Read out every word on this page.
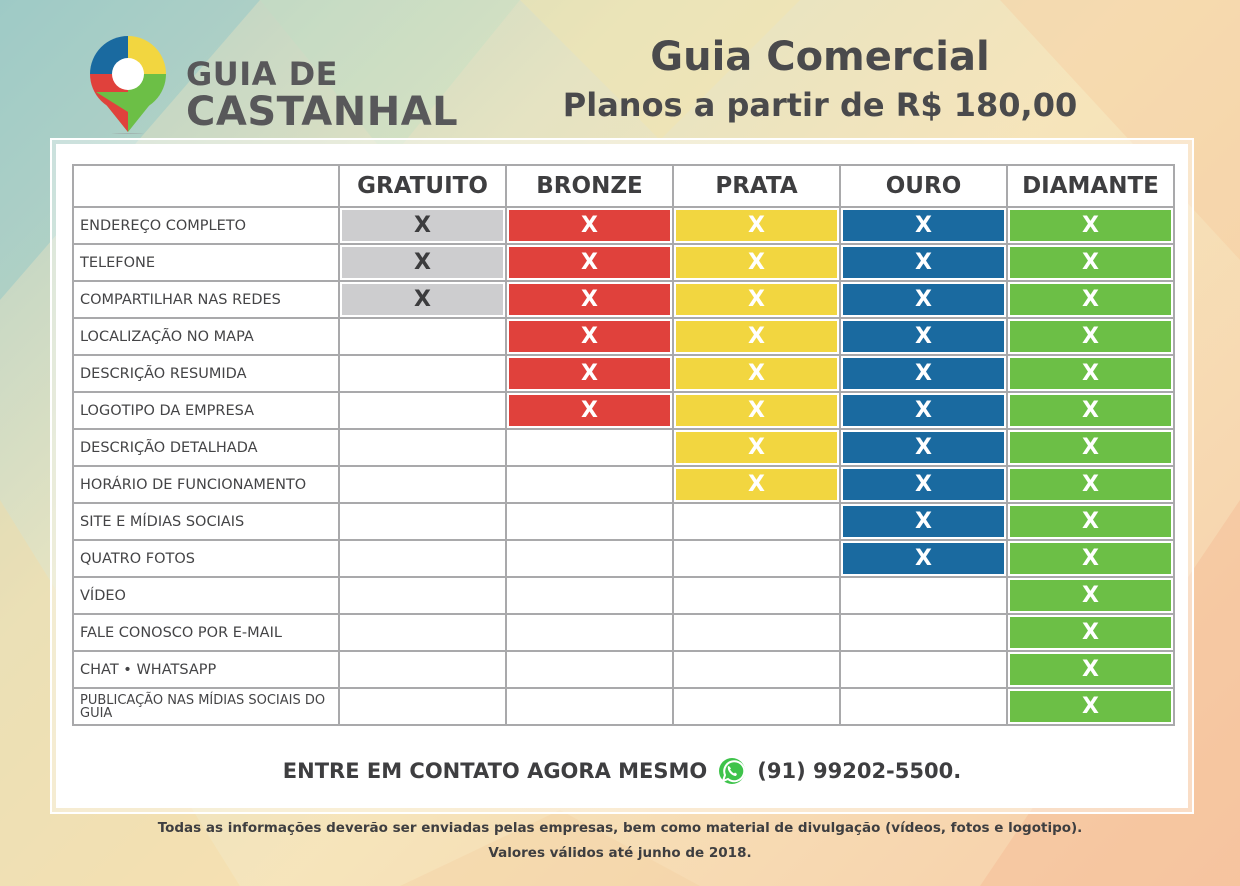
GUIA DE
CASTANHAL
Guia Comercial
Planos a partir de R$ 180,00
	GRATUITO	BRONZE	PRATA	OURO	DIAMANTE
ENDEREÇO COMPLETO	X	X	X	X	X

TELEFONE	X	X	X	X	X

COMPARTILHAR NAS REDES	X	X	X	X	X

LOCALIZAÇÃO NO MAPA		X	X	X	X

DESCRIÇÃO RESUMIDA		X	X	X	X

LOGOTIPO DA EMPRESA		X	X	X	X

DESCRIÇÃO DETALHADA			X	X	X

HORÁRIO DE FUNCIONAMENTO			X	X	X

SITE E MÍDIAS SOCIAIS				X	X

QUATRO FOTOS				X	X

VÍDEO					X

FALE CONOSCO POR E-MAIL					X

CHAT • WHATSAPP					X

PUBLICAÇÃO NAS MÍDIAS SOCIAIS DO GUIA					X
ENTRE EM CONTATO AGORA MESMO (91) 99202-5500.
Todas as informações deverão ser enviadas pelas empresas, bem como material de divulgação (vídeos, fotos e logotipo).
Valores válidos até junho de 2018.
